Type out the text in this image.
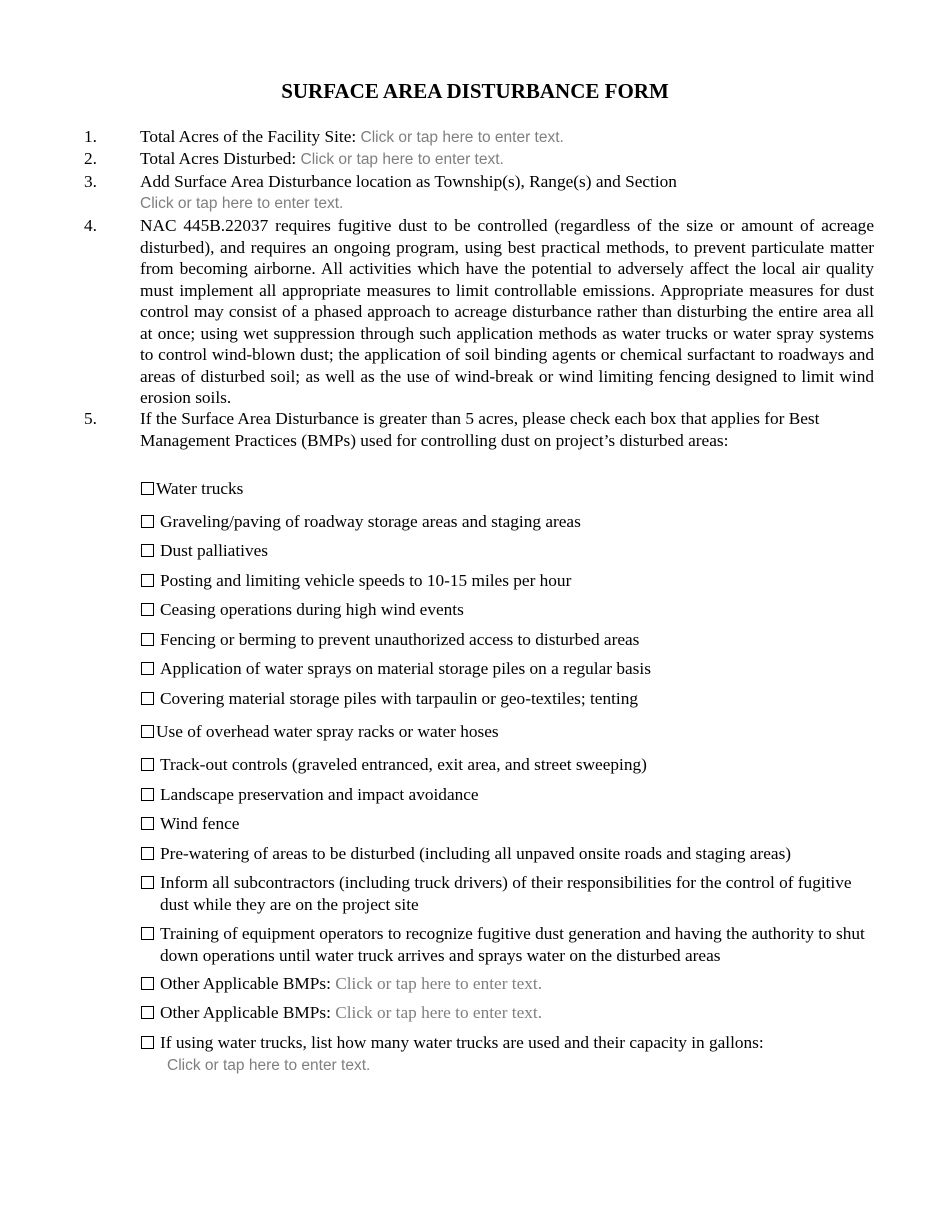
SURFACE AREA DISTURBANCE FORM
1. Total Acres of the Facility Site: Click or tap here to enter text.
2. Total Acres Disturbed: Click or tap here to enter text.
3. Add Surface Area Disturbance location as Township(s), Range(s) and Section
Click or tap here to enter text.
4. NAC 445B.22037 requires fugitive dust to be controlled (regardless of the size or amount of acreage disturbed), and requires an ongoing program, using best practical methods, to prevent particulate matter from becoming airborne. All activities which have the potential to adversely affect the local air quality must implement all appropriate measures to limit controllable emissions. Appropriate measures for dust control may consist of a phased approach to acreage disturbance rather than disturbing the entire area all at once; using wet suppression through such application methods as water trucks or water spray systems to control wind-blown dust; the application of soil binding agents or chemical surfactant to roadways and areas of disturbed soil; as well as the use of wind-break or wind limiting fencing designed to limit wind erosion soils.
5. If the Surface Area Disturbance is greater than 5 acres, please check each box that applies for Best Management Practices (BMPs) used for controlling dust on project’s disturbed areas:
Water trucks
Graveling/paving of roadway storage areas and staging areas
Dust palliatives
Posting and limiting vehicle speeds to 10-15 miles per hour
Ceasing operations during high wind events
Fencing or berming to prevent unauthorized access to disturbed areas
Application of water sprays on material storage piles on a regular basis
Covering material storage piles with tarpaulin or geo-textiles; tenting
Use of overhead water spray racks or water hoses
Track-out controls (graveled entranced, exit area, and street sweeping)
Landscape preservation and impact avoidance
Wind fence
Pre-watering of areas to be disturbed (including all unpaved onsite roads and staging areas)
Inform all subcontractors (including truck drivers) of their responsibilities for the control of fugitive dust while they are on the project site
Training of equipment operators to recognize fugitive dust generation and having the authority to shut down operations until water truck arrives and sprays water on the disturbed areas
Other Applicable BMPs: Click or tap here to enter text.
Other Applicable BMPs: Click or tap here to enter text.
If using water trucks, list how many water trucks are used and their capacity in gallons:
Click or tap here to enter text.
